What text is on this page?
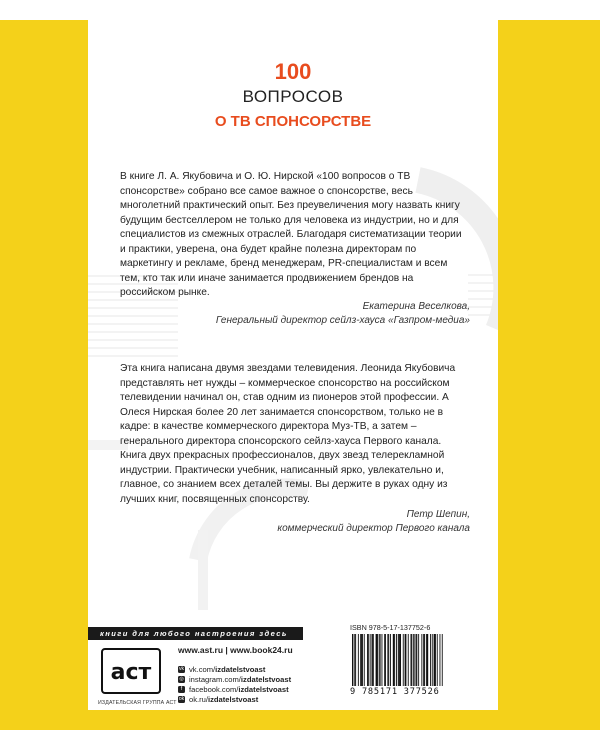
100
ВОПРОСОВ
О ТВ СПОНСОРСТВЕ
В книге Л. А. Якубовича и О. Ю. Нирской «100 вопросов о ТВ спонсорстве» собрано все самое важное о спонсорстве, весь многолетний практический опыт. Без преувеличения могу назвать книгу будущим бестселлером не только для человека из индустрии, но и для специалистов из смежных отраслей. Благодаря систематизации теории и практики, уверена, она будет крайне полезна директорам по маркетингу и рекламе, бренд менеджерам, PR-специалистам и всем тем, кто так или иначе занимается продвижением брендов на российском рынке.
Екатерина Веселкова,
Генеральный директор сейлз-хауса «Газпром-медиа»
Эта книга написана двумя звездами телевидения. Леонида Якубовича представлять нет нужды – коммерческое спонсорство на российском телевидении начинал он, став одним из пионеров этой профессии. А Олеся Нирская более 20 лет занимается спонсорством, только не в кадре: в качестве коммерческого директора Муз-ТВ, а затем – генерального директора спонсорского сейлз-хауса Первого канала. Книга двух прекрасных профессионалов, двух звезд телерекламной индустрии. Практически учебник, написанный ярко, увлекательно и, главное, со знанием всех деталей темы. Вы держите в руках одну из лучших книг, посвященных спонсорству.
Петр Шепин,
коммерческий директор Первого канала
книги для любого настроения здесь
аст
ИЗДАТЕЛЬСКАЯ ГРУППА АСТ
www.ast.ru | www.book24.ru
vk vk.com/ izdatelstvoast
◎ instagram.com/ izdatelstvoast
f facebook.com/ izdatelstvoast
ok ok.ru/ izdatelstvoast
ISBN 978-5-17-137752-6
9 785171 377526
